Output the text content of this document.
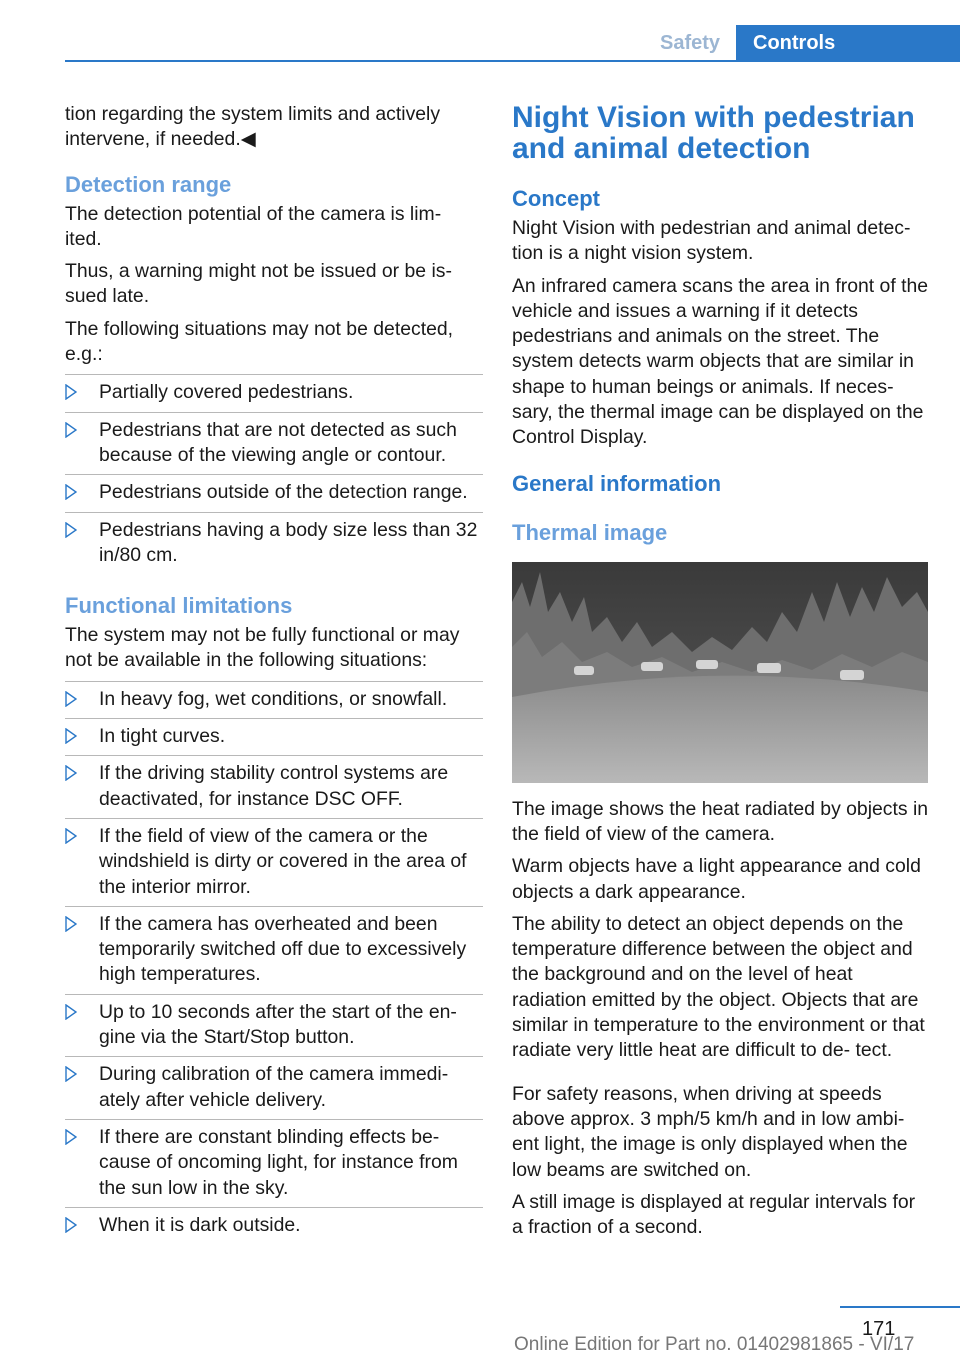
Safety	Controls

tion regarding the system limits and actively intervene, if needed.◀

Detection range

The detection potential of the camera is lim‐ ited.

Thus, a warning might not be issued or be is‐ sued late.

The following situations may not be detected, e.g.:

Partially covered pedestrians.
Pedestrians that are not detected as such because of the viewing angle or contour.
Pedestrians outside of the detection range.
Pedestrians having a body size less than 32 in/80 cm.
Functional limitations

The system may not be fully functional or may not be available in the following situations:

In heavy fog, wet conditions, or snowfall.
In tight curves.
If the driving stability control systems are deactivated, for instance DSC OFF.
If the field of view of the camera or the windshield is dirty or covered in the area of the interior mirror.
If the camera has overheated and been temporarily switched off due to excessively high temperatures.
Up to 10 seconds after the start of the en‐ gine via the Start/Stop button.
During calibration of the camera immedi‐ ately after vehicle delivery.
If there are constant blinding effects be‐ cause of oncoming light, for instance from the sun low in the sky.
When it is dark outside.
Night Vision with pedestrian and animal detection
Concept

Night Vision with pedestrian and animal detec‐ tion is a night vision system.

An infrared camera scans the area in front of the vehicle and issues a warning if it detects pedestrians and animals on the street. The system detects warm objects that are similar in shape to human beings or animals. If neces‐ sary, the thermal image can be displayed on the Control Display.

General information
Thermal image

The image shows the heat radiated by objects in the field of view of the camera.

Warm objects have a light appearance and cold objects a dark appearance.

The ability to detect an object depends on the temperature difference between the object and the background and on the level of heat radiation emitted by the object. Objects that are similar in temperature to the environment or that radiate very little heat are difficult to de‐ tect.

For safety reasons, when driving at speeds above approx. 3 mph/5 km/h and in low ambi‐ ent light, the image is only displayed when the low beams are switched on.

A still image is displayed at regular intervals for a fraction of a second.

171
Online Edition for Part no. 01402981865 - VI/17
